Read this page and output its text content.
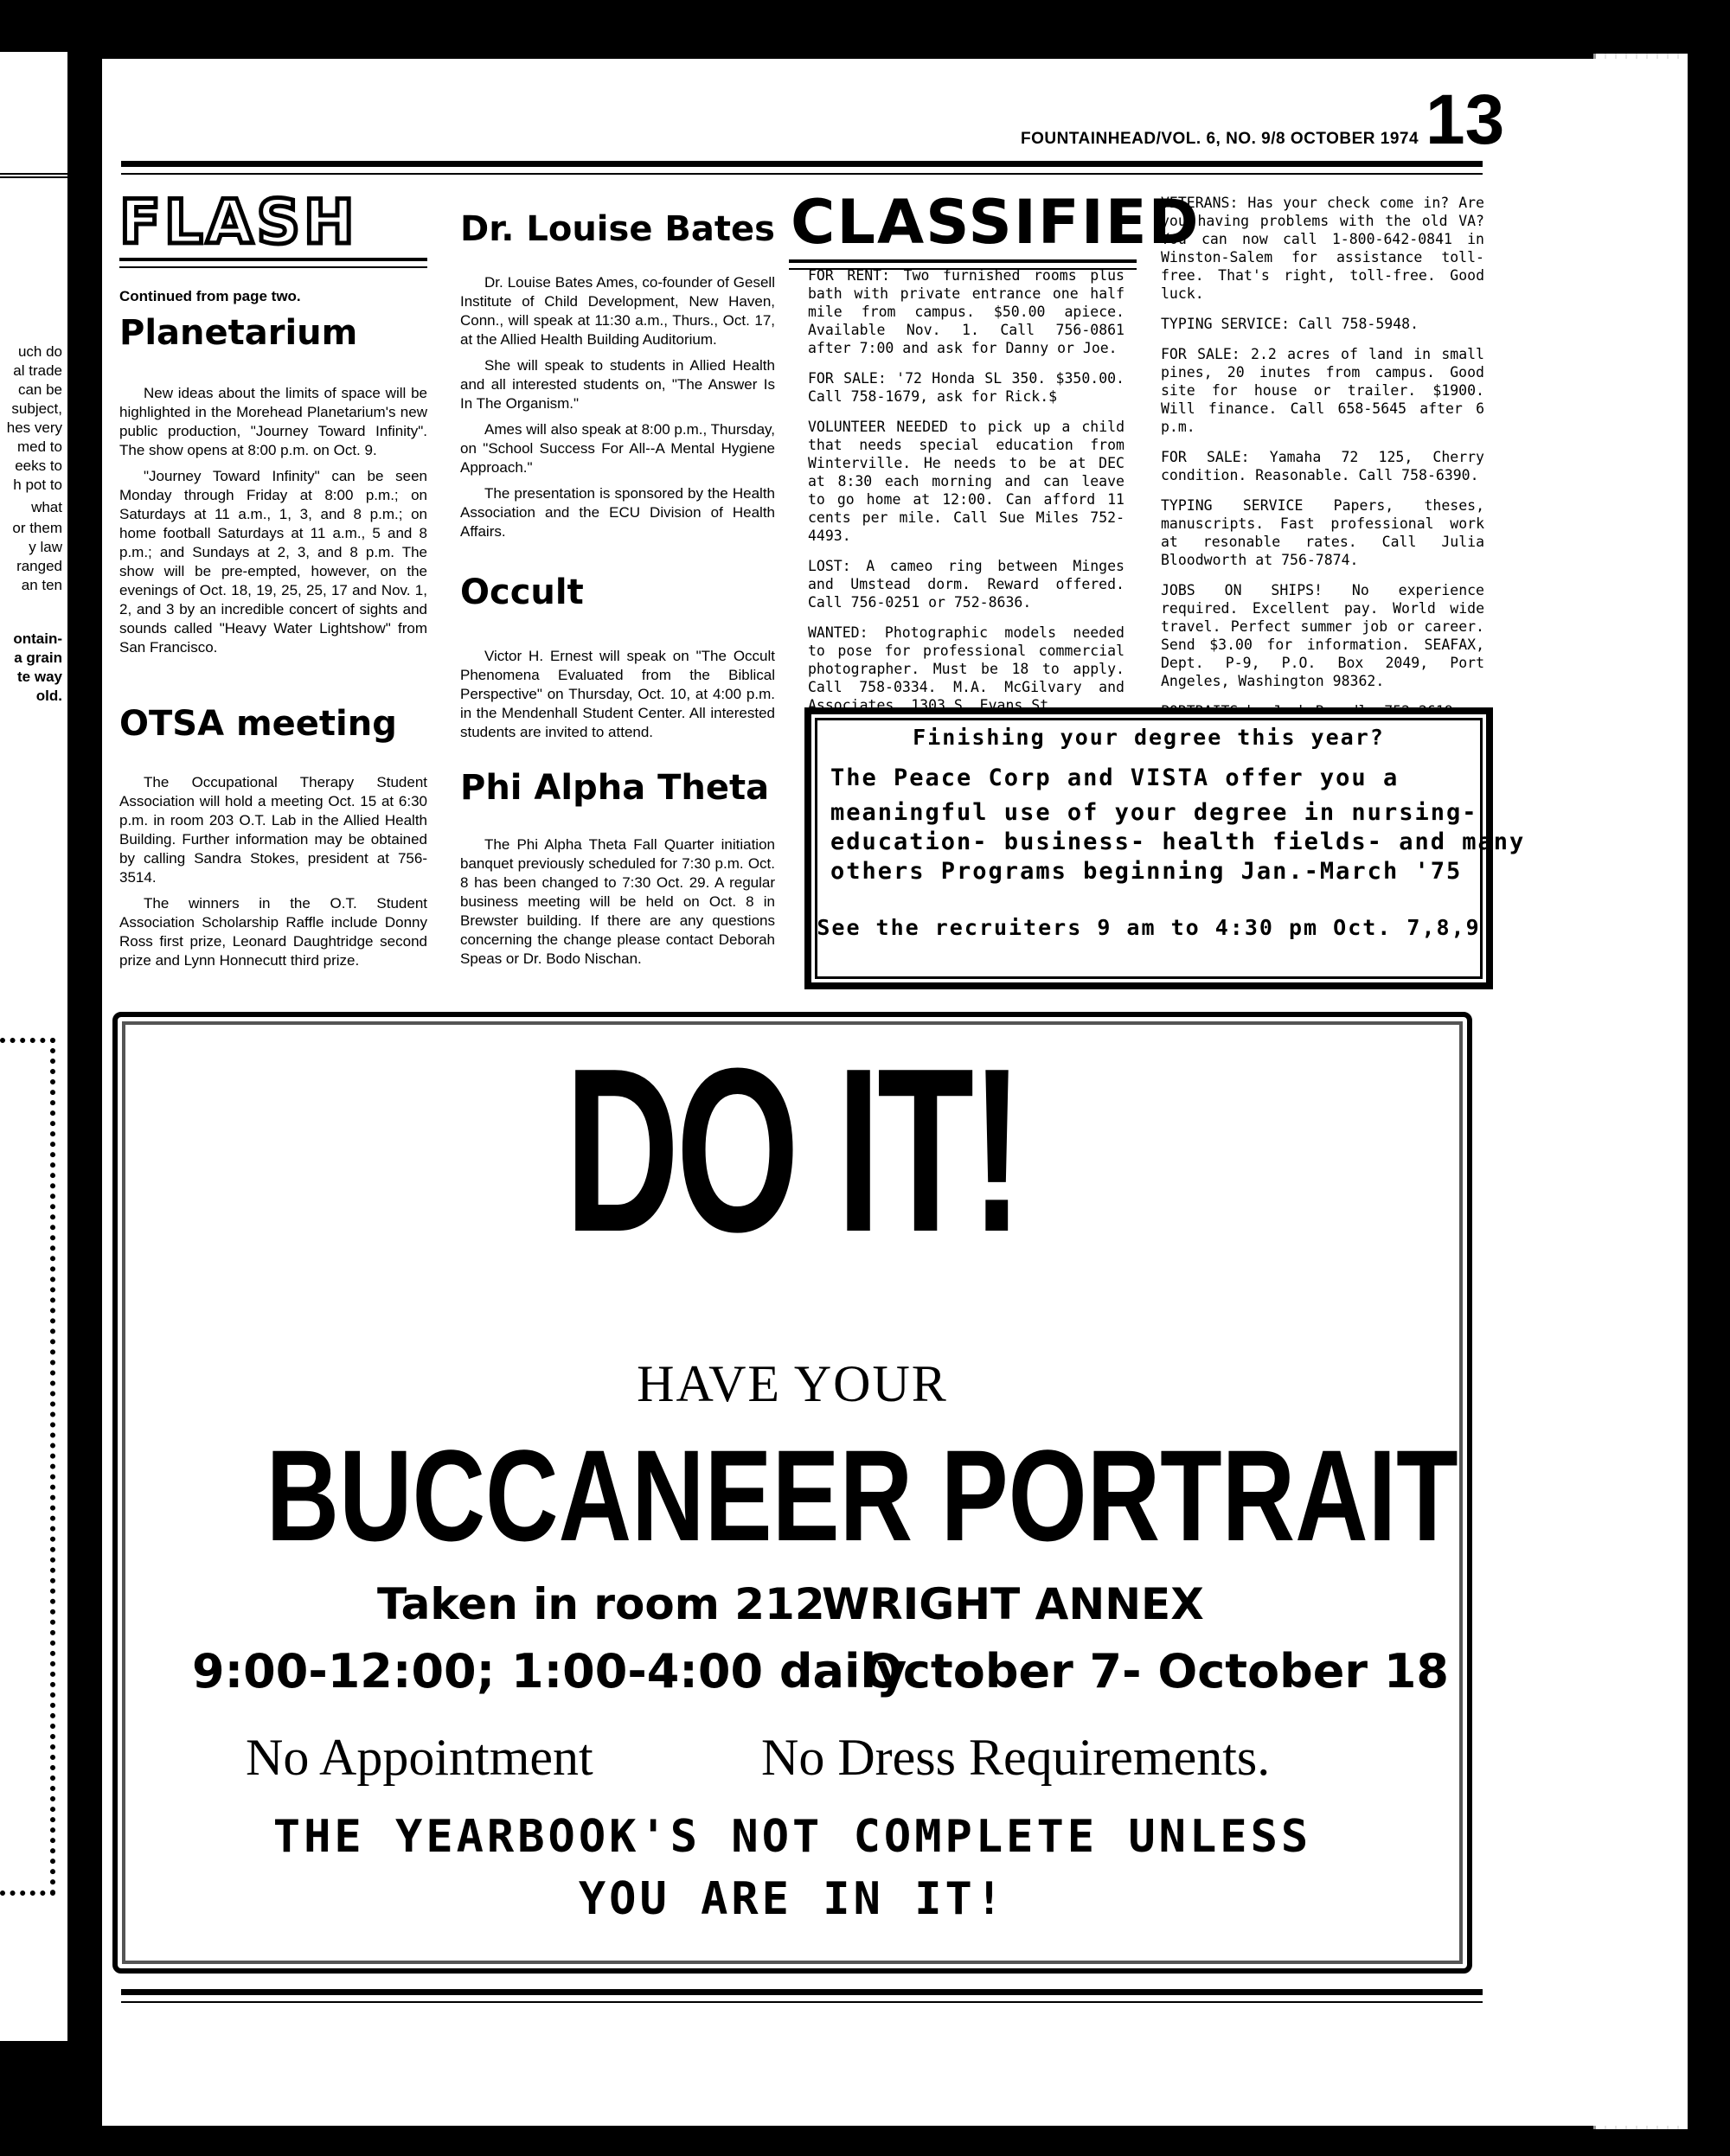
uch do
al trade
can be
subject,
hes very
med to
eeks to
h pot to
what
or them
y law
ranged
an ten
ontain-
a grain
te way
old.
FOUNTAINHEAD/VOL. 6, NO. 9/8 OCTOBER 1974 13
FLASH
Continued from page two.
Planetarium

New ideas about the limits of space will be highlighted in the Morehead Planetarium's new public production, "Journey Toward Infinity". The show opens at 8:00 p.m. on Oct. 9.

"Journey Toward Infinity" can be seen Monday through Friday at 8:00 p.m.; on Saturdays at 11 a.m., 1, 3, and 8 p.m.; on home football Saturdays at 11 a.m., 5 and 8 p.m.; and Sundays at 2, 3, and 8 p.m. The show will be pre-empted, however, on the evenings of Oct. 18, 19, 25, 25, 17 and Nov. 1, 2, and 3 by an incredible concert of sights and sounds called "Heavy Water Lightshow" from San Francisco.

OTSA meeting

The Occupational Therapy Student Association will hold a meeting Oct. 15 at 6:30 p.m. in room 203 O.T. Lab in the Allied Health Building. Further information may be obtained by calling Sandra Stokes, president at 756-3514.

The winners in the O.T. Student Association Scholarship Raffle include Donny Ross first prize, Leonard Daughtridge second prize and Lynn Honnecutt third prize.

Dr. Louise Bates

Dr. Louise Bates Ames, co-founder of Gesell Institute of Child Development, New Haven, Conn., will speak at 11:30 a.m., Thurs., Oct. 17, at the Allied Health Building Auditorium.

She will speak to students in Allied Health and all interested students on, "The Answer Is In The Organism."

Ames will also speak at 8:00 p.m., Thursday, on "School Success For All--A Mental Hygiene Approach."

The presentation is sponsored by the Health Association and the ECU Division of Health Affairs.

Occult

Victor H. Ernest will speak on "The Occult Phenomena Evaluated from the Biblical Perspective" on Thursday, Oct. 10, at 4:00 p.m. in the Mendenhall Student Center. All interested students are invited to attend.

Phi Alpha Theta

The Phi Alpha Theta Fall Quarter initiation banquet previously scheduled for 7:30 p.m. Oct. 8 has been changed to 7:30 Oct. 29. A regular business meeting will be held on Oct. 8 in Brewster building. If there are any questions concerning the change please contact Deborah Speas or Dr. Bodo Nischan.

CLASSIFIED

FOR RENT: Two furnished rooms plus bath with private entrance one half mile from campus. $50.00 apiece. Available Nov. 1. Call 756-0861 after 7:00 and ask for Danny or Joe.

FOR SALE: '72 Honda SL 350. $350.00. Call 758-1679, ask for Rick.$

VOLUNTEER NEEDED to pick up a child that needs special education from Winterville. He needs to be at DEC at 8:30 each morning and can leave to go home at 12:00. Can afford 11 cents per mile. Call Sue Miles 752-4493.

LOST: A cameo ring between Minges and Umstead dorm. Reward offered. Call 756-0251 or 752-8636.

WANTED: Photographic models needed to pose for professional commercial photographer. Must be 18 to apply. Call 758-0334. M.A. McGilvary and Associates, 1303 S. Evans St.

VETERANS: Has your check come in? Are you having problems with the old VA? You can now call 1-800-642-0841 in Winston-Salem for assistance toll-free. That's right, toll-free. Good luck.

TYPING SERVICE: Call 758-5948.

FOR SALE: 2.2 acres of land in small pines, 20 inutes from campus. Good site for house or trailer. $1900. Will finance. Call 658-5645 after 6 p.m.

FOR SALE: Yamaha 72 125, Cherry condition. Reasonable. Call 758-6390.

TYPING SERVICE Papers, theses, manuscripts. Fast professional work at resonable rates. Call Julia Bloodworth at 756-7874.

JOBS ON SHIPS! No experience required. Excellent pay. World wide travel. Perfect summer job or career. Send $3.00 for information. SEAFAX, Dept. P-9, P.O. Box 2049, Port Angeles, Washington 98362.

PORTRAITS by Jack Brendle 752-2619

Finishing your degree this year?
The Peace Corp and VISTA offer you a
meaningful use of your degree in nursing-
education- business- health fields- and many
others Programs beginning Jan.-March '75
See the recruiters 9 am to 4:30 pm Oct. 7,8,9
DO IT!
HAVE YOUR
BUCCANEER PORTRAIT
Taken in room 212
WRIGHT ANNEX
9:00-12:00; 1:00-4:00 daily
October 7- October 18
No Appointment	No Dress Requirements.
THE YEARBOOK'S NOT COMPLETE UNLESS
YOU ARE IN IT!
